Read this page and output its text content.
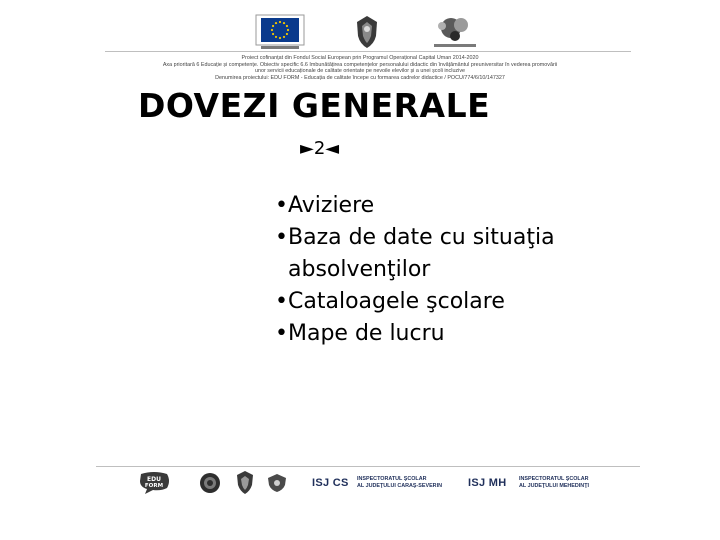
Proiect cofinanțat din Fondul Social European prin Programul Operațional Capital Uman 2014-2020
Axa prioritară 6 Educație și competențe. Obiectiv specific 6.6 Îmbunătățirea competențelor personalului didactic din învățământul preuniversitar în vederea promovării
unor servicii educaționale de calitate orientate pe nevoile elevilor și a unei școli incluzive
Denumirea proiectului: EDU FORM - Educația de calitate începe cu formarea cadrelor didactice / POCU/774/6/10/147327
DOVEZI GENERALE
►2◄
• Aviziere
• Baza de date cu situaţia absolvenţilor
• Cataloagele şcolare
• Mape de lucru
EDU
FORM	ISJ CS INSPECTORATUL ŞCOLAR
AL JUDEŢULUI CARAŞ-SEVERIN ISJ MH INSPECTORATUL ŞCOLAR
AL JUDEŢULUI MEHEDINŢI
